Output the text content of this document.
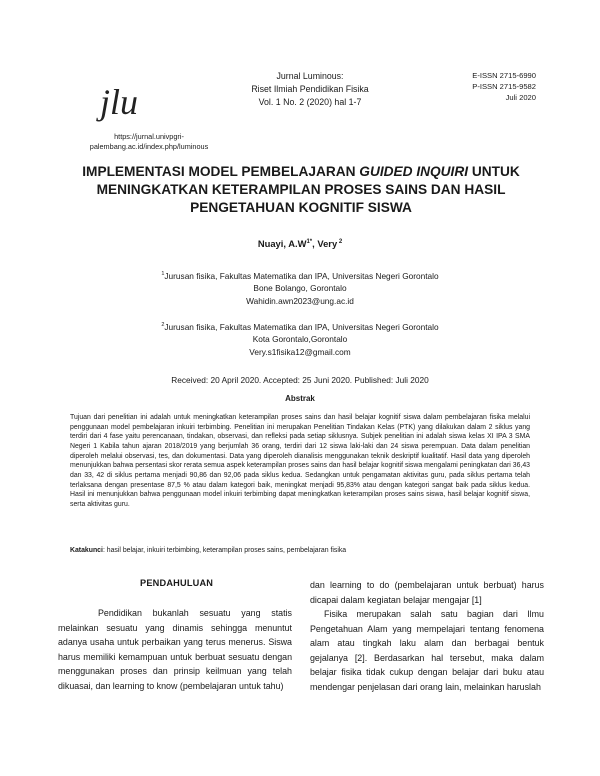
jlu
https://jurnal.univpgri-palembang.ac.id/index.php/luminous
Jurnal Luminous:
Riset Ilmiah Pendidikan Fisika
Vol. 1 No. 2 (2020) hal 1-7
E-ISSN 2715-6990
P-ISSN 2715-9582
Juli 2020
IMPLEMENTASI MODEL PEMBELAJARAN GUIDED INQUIRI UNTUK MENINGKATKAN KETERAMPILAN PROSES SAINS DAN HASIL PENGETAHUAN KOGNITIF SISWA
Nuayi, $A.W^{1*}$, Very $^2$
$^1$Jurusan fisika, Fakultas Matematika dan IPA, Universitas Negeri Gorontalo
Bone Bolango, Gorontalo
Wahidin.awn2023@ung.ac.id
$^2$Jurusan fisika, Fakultas Matematika dan IPA, Universitas Negeri Gorontalo
Kota Gorontalo,Gorontalo
Very.s1fisika12@gmail.com
Received: 20 April 2020. Accepted: 25 Juni 2020. Published: Juli 2020
Abstrak
Tujuan dari penelitian ini adalah untuk meningkatkan keterampilan proses sains dan hasil belajar kognitif siswa dalam pembelajaran fisika melalui penggunaan model pembelajaran inkuiri terbimbing. Penelitian ini merupakan Penelitian Tindakan Kelas (PTK) yang dilakukan dalam 2 siklus yang terdiri dari 4 fase yaitu perencanaan, tindakan, observasi, dan refleksi pada setiap siklusnya. Subjek penelitian ini adalah siswa kelas XI IPA 3 SMA Negeri 1 Kabila tahun ajaran 2018/2019 yang berjumlah 36 orang, terdiri dari 12 siswa laki-laki dan 24 siswa perempuan. Data dalam penelitian diperoleh melalui observasi, tes, dan dokumentasi. Data yang diperoleh dianalisis menggunakan teknik deskriptif kualitatif. Hasil data yang diperoleh menunjukkan bahwa persentasi skor rerata semua aspek keterampilan proses sains dan hasil belajar kognitif siswa mengalami peningkatan dari 36,43 dan 33, 42 di siklus pertama menjadi 90,86 dan 92,06 pada siklus kedua. Sedangkan untuk pengamatan aktivitas guru, pada siklus pertama telah terlaksana dengan presentase 87,5 % atau dalam kategori baik, meningkat menjadi 95,83% atau dengan kategori sangat baik pada siklus kedua. Hasil ini menunjukkan bahwa penggunaan model inkuiri terbimbing dapat meningkatkan keterampilan proses sains siswa, hasil belajar kognitif siswa, serta aktivitas guru.
Katakunci: hasil belajar, inkuiri terbimbing, keterampilan proses sains, pembelajaran fisika
PENDAHULUAN

Pendidikan bukanlah sesuatu yang statis melainkan sesuatu yang dinamis sehingga menuntut adanya usaha untuk perbaikan yang terus menerus. Siswa harus memiliki kemampuan untuk berbuat sesuatu dengan menggunakan proses dan prinsip keilmuan yang telah dikuasai, dan learning to know (pembelajaran untuk tahu)

dan learning to do (pembelajaran untuk berbuat) harus dicapai dalam kegiatan belajar mengajar [1]

Fisika merupakan salah satu bagian dari Ilmu Pengetahuan Alam yang mempelajari tentang fenomena alam atau tingkah laku alam dan berbagai bentuk gejalanya [2]. Berdasarkan hal tersebut, maka dalam belajar fisika tidak cukup dengan belajar dari buku atau mendengar penjelasan dari orang lain, melainkan haruslah
